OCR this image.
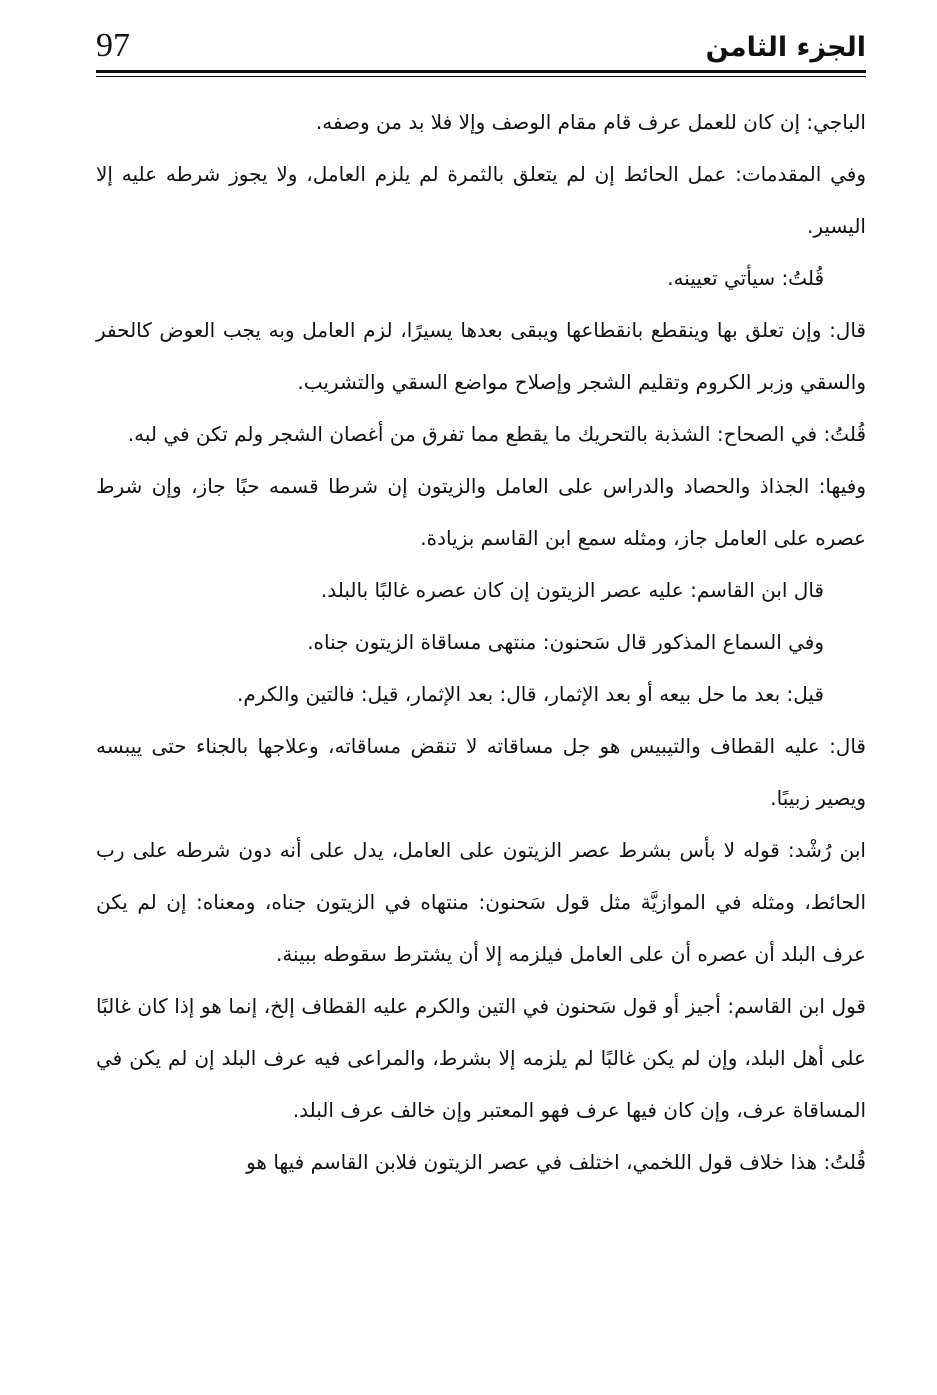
97	الجزء الثامن

الباجي: إن كان للعمل عرف قام مقام الوصف وإلا فلا بد من وصفه.

وفي المقدمات: عمل الحائط إن لم يتعلق بالثمرة لم يلزم العامل، ولا يجوز شرطه عليه إلا اليسير.

قُلتُ: سيأتي تعيينه.

قال: وإن تعلق بها وينقطع بانقطاعها ويبقى بعدها يسيرًا، لزم العامل وبه يجب العوض كالحفر والسقي وزبر الكروم وتقليم الشجر وإصلاح مواضع السقي والتشريب.

قُلتُ: في الصحاح: الشذبة بالتحريك ما يقطع مما تفرق من أغصان الشجر ولم تكن في لبه.

وفيها: الجذاذ والحصاد والدراس على العامل والزيتون إن شرطا قسمه حبًا جاز، وإن شرط عصره على العامل جاز، ومثله سمع ابن القاسم بزيادة.

قال ابن القاسم: عليه عصر الزيتون إن كان عصره غالبًا بالبلد.

وفي السماع المذكور قال سَحنون: منتهى مساقاة الزيتون جناه.

قيل: بعد ما حل بيعه أو بعد الإثمار، قال: بعد الإثمار، قيل: فالتين والكرم.

قال: عليه القطاف والتيبيس هو جل مساقاته لا تنقض مساقاته، وعلاجها بالجناء حتى ييبسه ويصير زبيبًا.

ابن رُشْد: قوله لا بأس بشرط عصر الزيتون على العامل، يدل على أنه دون شرطه على رب الحائط، ومثله في الموازيَّة مثل قول سَحنون: منتهاه في الزيتون جناه، ومعناه: إن لم يكن عرف البلد أن عصره أن على العامل فيلزمه إلا أن يشترط سقوطه ببينة.

قول ابن القاسم: أجيز أو قول سَحنون في التين والكرم عليه القطاف إلخ، إنما هو إذا كان غالبًا على أهل البلد، وإن لم يكن غالبًا لم يلزمه إلا بشرط، والمراعى فيه عرف البلد إن لم يكن في المساقاة عرف، وإن كان فيها عرف فهو المعتبر وإن خالف عرف البلد.

قُلتُ: هذا خلاف قول اللخمي، اختلف في عصر الزيتون فلابن القاسم فيها هو
